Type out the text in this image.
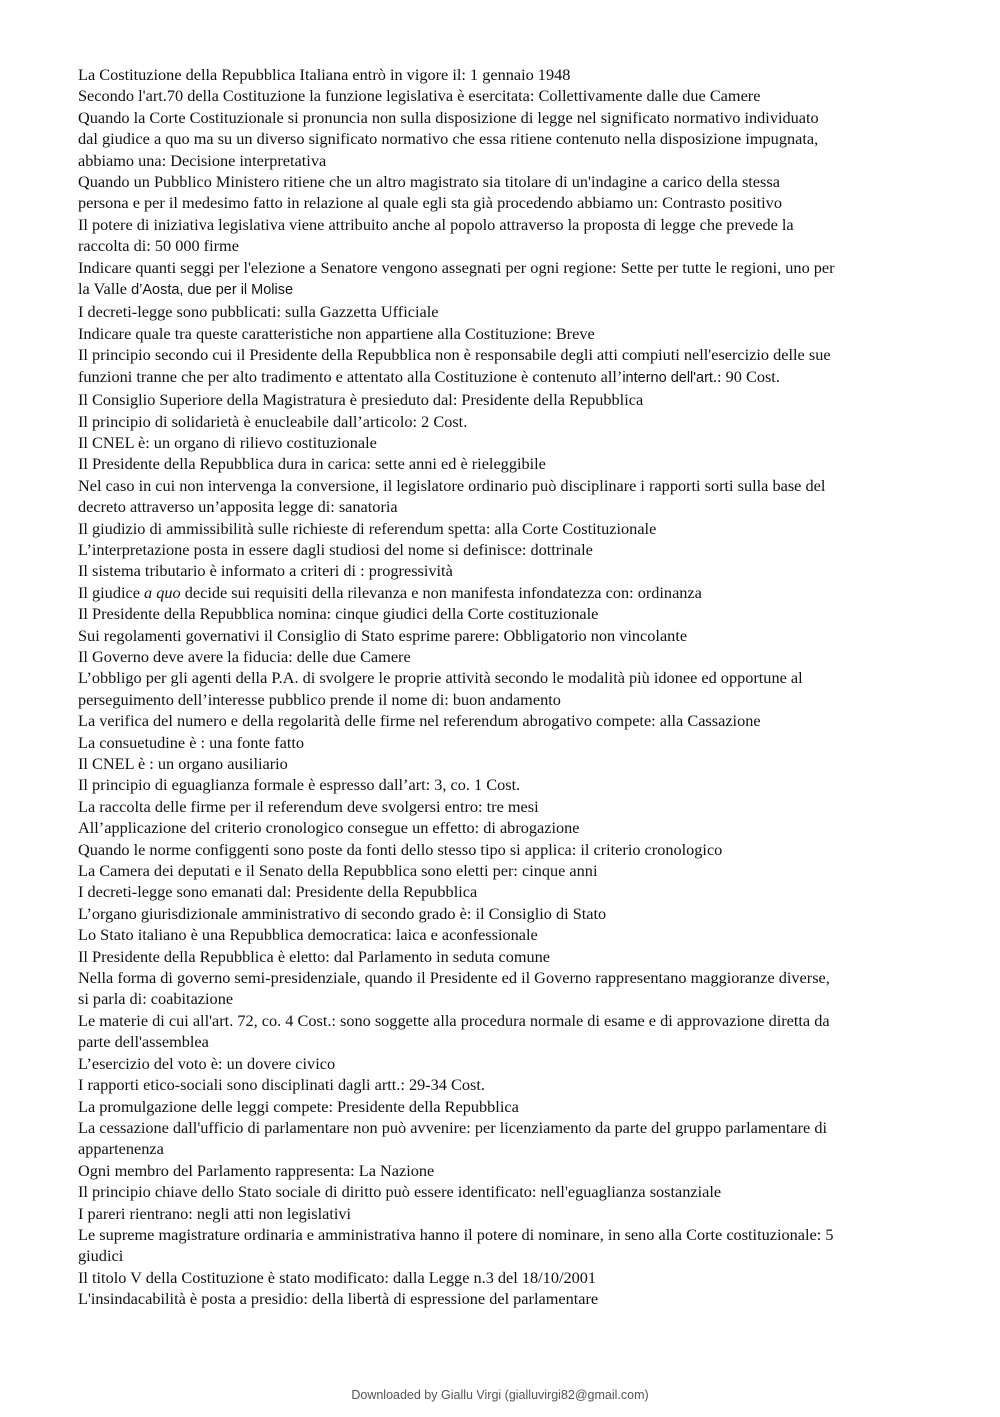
La Costituzione della Repubblica Italiana entrò in vigore il: 1 gennaio 1948
Secondo l'art.70 della Costituzione la funzione legislativa è esercitata: Collettivamente dalle due Camere
Quando la Corte Costituzionale si pronuncia non sulla disposizione di legge nel significato normativo individuato
dal giudice a quo ma su un diverso significato normativo che essa ritiene contenuto nella disposizione impugnata,
abbiamo una: Decisione interpretativa
Quando un Pubblico Ministero ritiene che un altro magistrato sia titolare di un'indagine a carico della stessa
persona e per il medesimo fatto in relazione al quale egli sta già procedendo abbiamo un: Contrasto positivo
Il potere di iniziativa legislativa viene attribuito anche al popolo attraverso la proposta di legge che prevede la
raccolta di: 50 000 firme
Indicare quanti seggi per l'elezione a Senatore vengono assegnati per ogni regione: Sette per tutte le regioni, uno per
la Valle d’Aosta, due per il Molise
I decreti-legge sono pubblicati: sulla Gazzetta Ufficiale
Indicare quale tra queste caratteristiche non appartiene alla Costituzione: Breve
Il principio secondo cui il Presidente della Repubblica non è responsabile degli atti compiuti nell'esercizio delle sue
funzioni tranne che per alto tradimento e attentato alla Costituzione è contenuto all’interno dell'art.: 90 Cost.
Il Consiglio Superiore della Magistratura è presieduto dal: Presidente della Repubblica
Il principio di solidarietà è enucleabile dall’articolo: 2 Cost.
Il CNEL è: un organo di rilievo costituzionale
Il Presidente della Repubblica dura in carica: sette anni ed è rieleggibile
Nel caso in cui non intervenga la conversione, il legislatore ordinario può disciplinare i rapporti sorti sulla base del
decreto attraverso un’apposita legge di: sanatoria
Il giudizio di ammissibilità sulle richieste di referendum spetta: alla Corte Costituzionale
L’interpretazione posta in essere dagli studiosi del nome si definisce: dottrinale
Il sistema tributario è informato a criteri di : progressività
Il giudice a quo decide sui requisiti della rilevanza e non manifesta infondatezza con: ordinanza
Il Presidente della Repubblica nomina: cinque giudici della Corte costituzionale
Sui regolamenti governativi il Consiglio di Stato esprime parere: Obbligatorio non vincolante
Il Governo deve avere la fiducia: delle due Camere
L’obbligo per gli agenti della P.A. di svolgere le proprie attività secondo le modalità più idonee ed opportune al
perseguimento dell’interesse pubblico prende il nome di: buon andamento
La verifica del numero e della regolarità delle firme nel referendum abrogativo compete: alla Cassazione
La consuetudine è : una fonte fatto
Il CNEL è : un organo ausiliario
Il principio di eguaglianza formale è espresso dall’art: 3, co. 1 Cost.
La raccolta delle firme per il referendum deve svolgersi entro: tre mesi
All’applicazione del criterio cronologico consegue un effetto: di abrogazione
Quando le norme configgenti sono poste da fonti dello stesso tipo si applica: il criterio cronologico
La Camera dei deputati e il Senato della Repubblica sono eletti per: cinque anni
I decreti-legge sono emanati dal: Presidente della Repubblica
L’organo giurisdizionale amministrativo di secondo grado è: il Consiglio di Stato
Lo Stato italiano è una Repubblica democratica: laica e aconfessionale
Il Presidente della Repubblica è eletto: dal Parlamento in seduta comune
Nella forma di governo semi-presidenziale, quando il Presidente ed il Governo rappresentano maggioranze diverse,
si parla di: coabitazione
Le materie di cui all'art. 72, co. 4 Cost.: sono soggette alla procedura normale di esame e di approvazione diretta da
parte dell'assemblea
L’esercizio del voto è: un dovere civico
I rapporti etico-sociali sono disciplinati dagli artt.: 29-34 Cost.
La promulgazione delle leggi compete: Presidente della Repubblica
La cessazione dall'ufficio di parlamentare non può avvenire: per licenziamento da parte del gruppo parlamentare di
appartenenza
Ogni membro del Parlamento rappresenta: La Nazione
Il principio chiave dello Stato sociale di diritto può essere identificato: nell'eguaglianza sostanziale
I pareri rientrano: negli atti non legislativi
Le supreme magistrature ordinaria e amministrativa hanno il potere di nominare, in seno alla Corte costituzionale: 5
giudici
Il titolo V della Costituzione è stato modificato: dalla Legge n.3 del 18/10/2001
L'insindacabilità è posta a presidio: della libertà di espressione del parlamentare
Downloaded by Giallu Virgi (gialluvirgi82@gmail.com)
